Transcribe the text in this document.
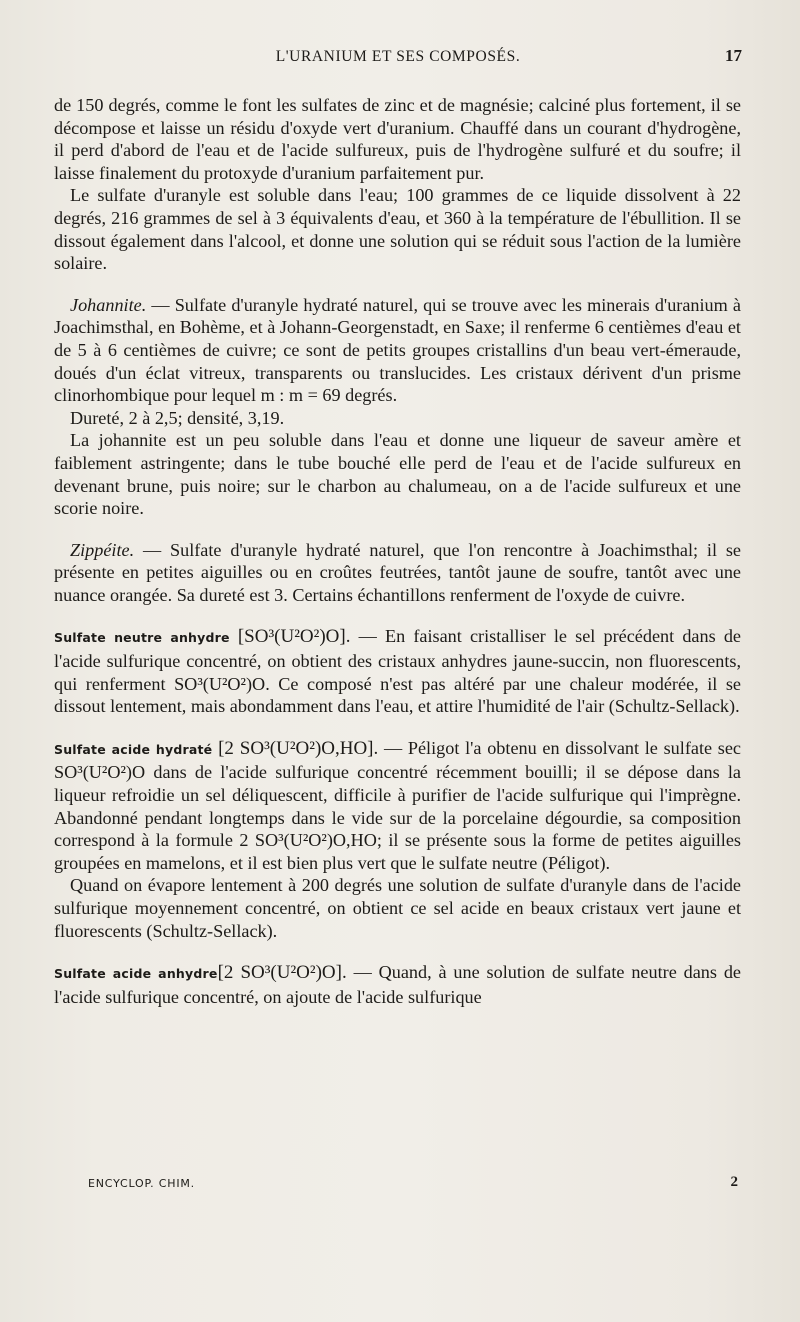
L'URANIUM ET SES COMPOSÉS.	17

de 150 degrés, comme le font les sulfates de zinc et de magnésie; calciné plus fortement, il se décompose et laisse un résidu d'oxyde vert d'uranium. Chauffé dans un courant d'hydrogène, il perd d'abord de l'eau et de l'acide sulfureux, puis de l'hydrogène sulfuré et du soufre; il laisse finalement du protoxyde d'uranium parfaitement pur.

Le sulfate d'uranyle est soluble dans l'eau; 100 grammes de ce liquide dissolvent à 22 degrés, 216 grammes de sel à 3 équivalents d'eau, et 360 à la température de l'ébullition. Il se dissout également dans l'alcool, et donne une solution qui se réduit sous l'action de la lumière solaire.

Johannite. — Sulfate d'uranyle hydraté naturel, qui se trouve avec les minerais d'uranium à Joachimsthal, en Bohème, et à Johann-Georgenstadt, en Saxe; il renferme 6 centièmes d'eau et de 5 à 6 centièmes de cuivre; ce sont de petits groupes cristallins d'un beau vert-émeraude, doués d'un éclat vitreux, transparents ou translucides. Les cristaux dérivent d'un prisme clinorhombique pour lequel m : m = 69 degrés.

Dureté, 2 à 2,5; densité, 3,19.

La johannite est un peu soluble dans l'eau et donne une liqueur de saveur amère et faiblement astringente; dans le tube bouché elle perd de l'eau et de l'acide sulfureux en devenant brune, puis noire; sur le charbon au chalumeau, on a de l'acide sulfureux et une scorie noire.

Zippéite. — Sulfate d'uranyle hydraté naturel, que l'on rencontre à Joachimsthal; il se présente en petites aiguilles ou en croûtes feutrées, tantôt jaune de soufre, tantôt avec une nuance orangée. Sa dureté est 3. Certains échantillons renferment de l'oxyde de cuivre.

Sulfate neutre anhydre [SO³(U²O²)O]. — En faisant cristalliser le sel précédent dans de l'acide sulfurique concentré, on obtient des cristaux anhydres jaune-succin, non fluorescents, qui renferment SO³(U²O²)O. Ce composé n'est pas altéré par une chaleur modérée, il se dissout lentement, mais abondamment dans l'eau, et attire l'humidité de l'air (Schultz-Sellack).

Sulfate acide hydraté [2 SO³(U²O²)O,HO]. — Péligot l'a obtenu en dissolvant le sulfate sec SO³(U²O²)O dans de l'acide sulfurique concentré récemment bouilli; il se dépose dans la liqueur refroidie un sel déliquescent, difficile à purifier de l'acide sulfurique qui l'imprègne. Abandonné pendant longtemps dans le vide sur de la porcelaine dégourdie, sa composition correspond à la formule 2 SO³(U²O²)O,HO; il se présente sous la forme de petites aiguilles groupées en mamelons, et il est bien plus vert que le sulfate neutre (Péligot).

Quand on évapore lentement à 200 degrés une solution de sulfate d'uranyle dans de l'acide sulfurique moyennement concentré, on obtient ce sel acide en beaux cristaux vert jaune et fluorescents (Schultz-Sellack).

Sulfate acide anhydre[2 SO³(U²O²)O]. — Quand, à une solution de sulfate neutre dans de l'acide sulfurique concentré, on ajoute de l'acide sulfurique

ENCYCLOP. CHIM.	2
